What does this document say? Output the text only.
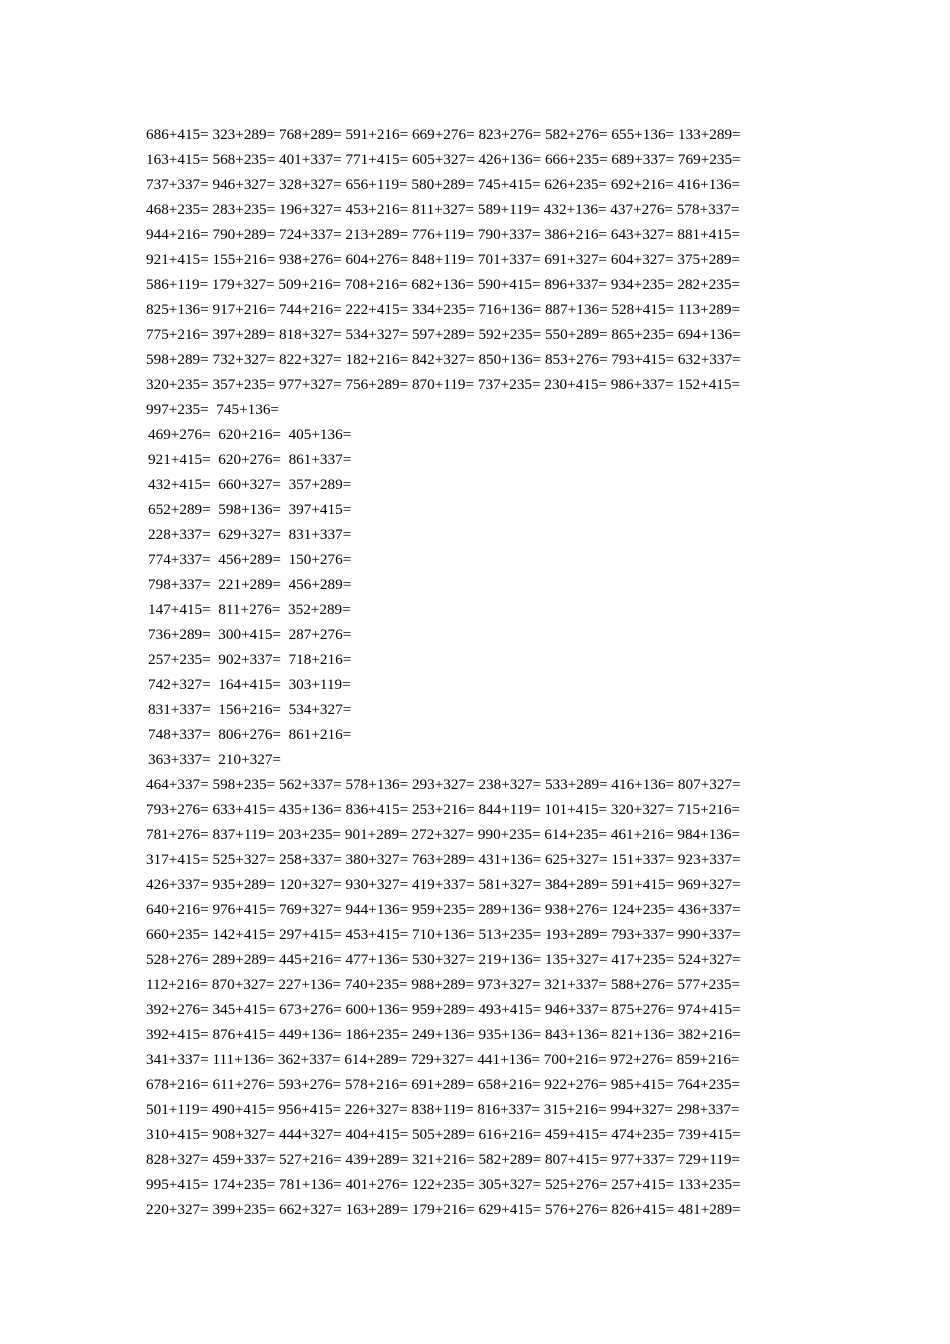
686+415= 323+289= 768+289= 591+216= 669+276= 823+276= 582+276= 655+136= 133+289=
163+415= 568+235= 401+337= 771+415= 605+327= 426+136= 666+235= 689+337= 769+235=
737+337= 946+327= 328+327= 656+119= 580+289= 745+415= 626+235= 692+216= 416+136=
468+235= 283+235= 196+327= 453+216= 811+327= 589+119= 432+136= 437+276= 578+337=
944+216= 790+289= 724+337= 213+289= 776+119= 790+337= 386+216= 643+327= 881+415=
921+415= 155+216= 938+276= 604+276= 848+119= 701+337= 691+327= 604+327= 375+289=
586+119= 179+327= 509+216= 708+216= 682+136= 590+415= 896+337= 934+235= 282+235=
825+136= 917+216= 744+216= 222+415= 334+235= 716+136= 887+136= 528+415= 113+289=
775+216= 397+289= 818+327= 534+327= 597+289= 592+235= 550+289= 865+235= 694+136=
598+289= 732+327= 822+327= 182+216= 842+327= 850+136= 853+276= 793+415= 632+337=
320+235= 357+235= 977+327= 756+289= 870+119= 737+235= 230+415= 986+337= 152+415=
997+235=  745+136=
469+276=  620+216=  405+136=
921+415=  620+276=  861+337=
432+415=  660+327=  357+289=
652+289=  598+136=  397+415=
228+337=  629+327=  831+337=
774+337=  456+289=  150+276=
798+337=  221+289=  456+289=
147+415=  811+276=  352+289=
736+289=  300+415=  287+276=
257+235=  902+337=  718+216=
742+327=  164+415=  303+119=
831+337=  156+216=  534+327=
748+337=  806+276=  861+216=
363+337=  210+327=
464+337= 598+235= 562+337= 578+136= 293+327= 238+327= 533+289= 416+136= 807+327=
793+276= 633+415= 435+136= 836+415= 253+216= 844+119= 101+415= 320+327= 715+216=
781+276= 837+119= 203+235= 901+289= 272+327= 990+235= 614+235= 461+216= 984+136=
317+415= 525+327= 258+337= 380+327= 763+289= 431+136= 625+327= 151+337= 923+337=
426+337= 935+289= 120+327= 930+327= 419+337= 581+327= 384+289= 591+415= 969+327=
640+216= 976+415= 769+327= 944+136= 959+235= 289+136= 938+276= 124+235= 436+337=
660+235= 142+415= 297+415= 453+415= 710+136= 513+235= 193+289= 793+337= 990+337=
528+276= 289+289= 445+216= 477+136= 530+327= 219+136= 135+327= 417+235= 524+327=
112+216= 870+327= 227+136= 740+235= 988+289= 973+327= 321+337= 588+276= 577+235=
392+276= 345+415= 673+276= 600+136= 959+289= 493+415= 946+337= 875+276= 974+415=
392+415= 876+415= 449+136= 186+235= 249+136= 935+136= 843+136= 821+136= 382+216=
341+337= 111+136= 362+337= 614+289= 729+327= 441+136= 700+216= 972+276= 859+216=
678+216= 611+276= 593+276= 578+216= 691+289= 658+216= 922+276= 985+415= 764+235=
501+119= 490+415= 956+415= 226+327= 838+119= 816+337= 315+216= 994+327= 298+337=
310+415= 908+327= 444+327= 404+415= 505+289= 616+216= 459+415= 474+235= 739+415=
828+327= 459+337= 527+216= 439+289= 321+216= 582+289= 807+415= 977+337= 729+119=
995+415= 174+235= 781+136= 401+276= 122+235= 305+327= 525+276= 257+415= 133+235=
220+327= 399+235= 662+327= 163+289= 179+216= 629+415= 576+276= 826+415= 481+289=
